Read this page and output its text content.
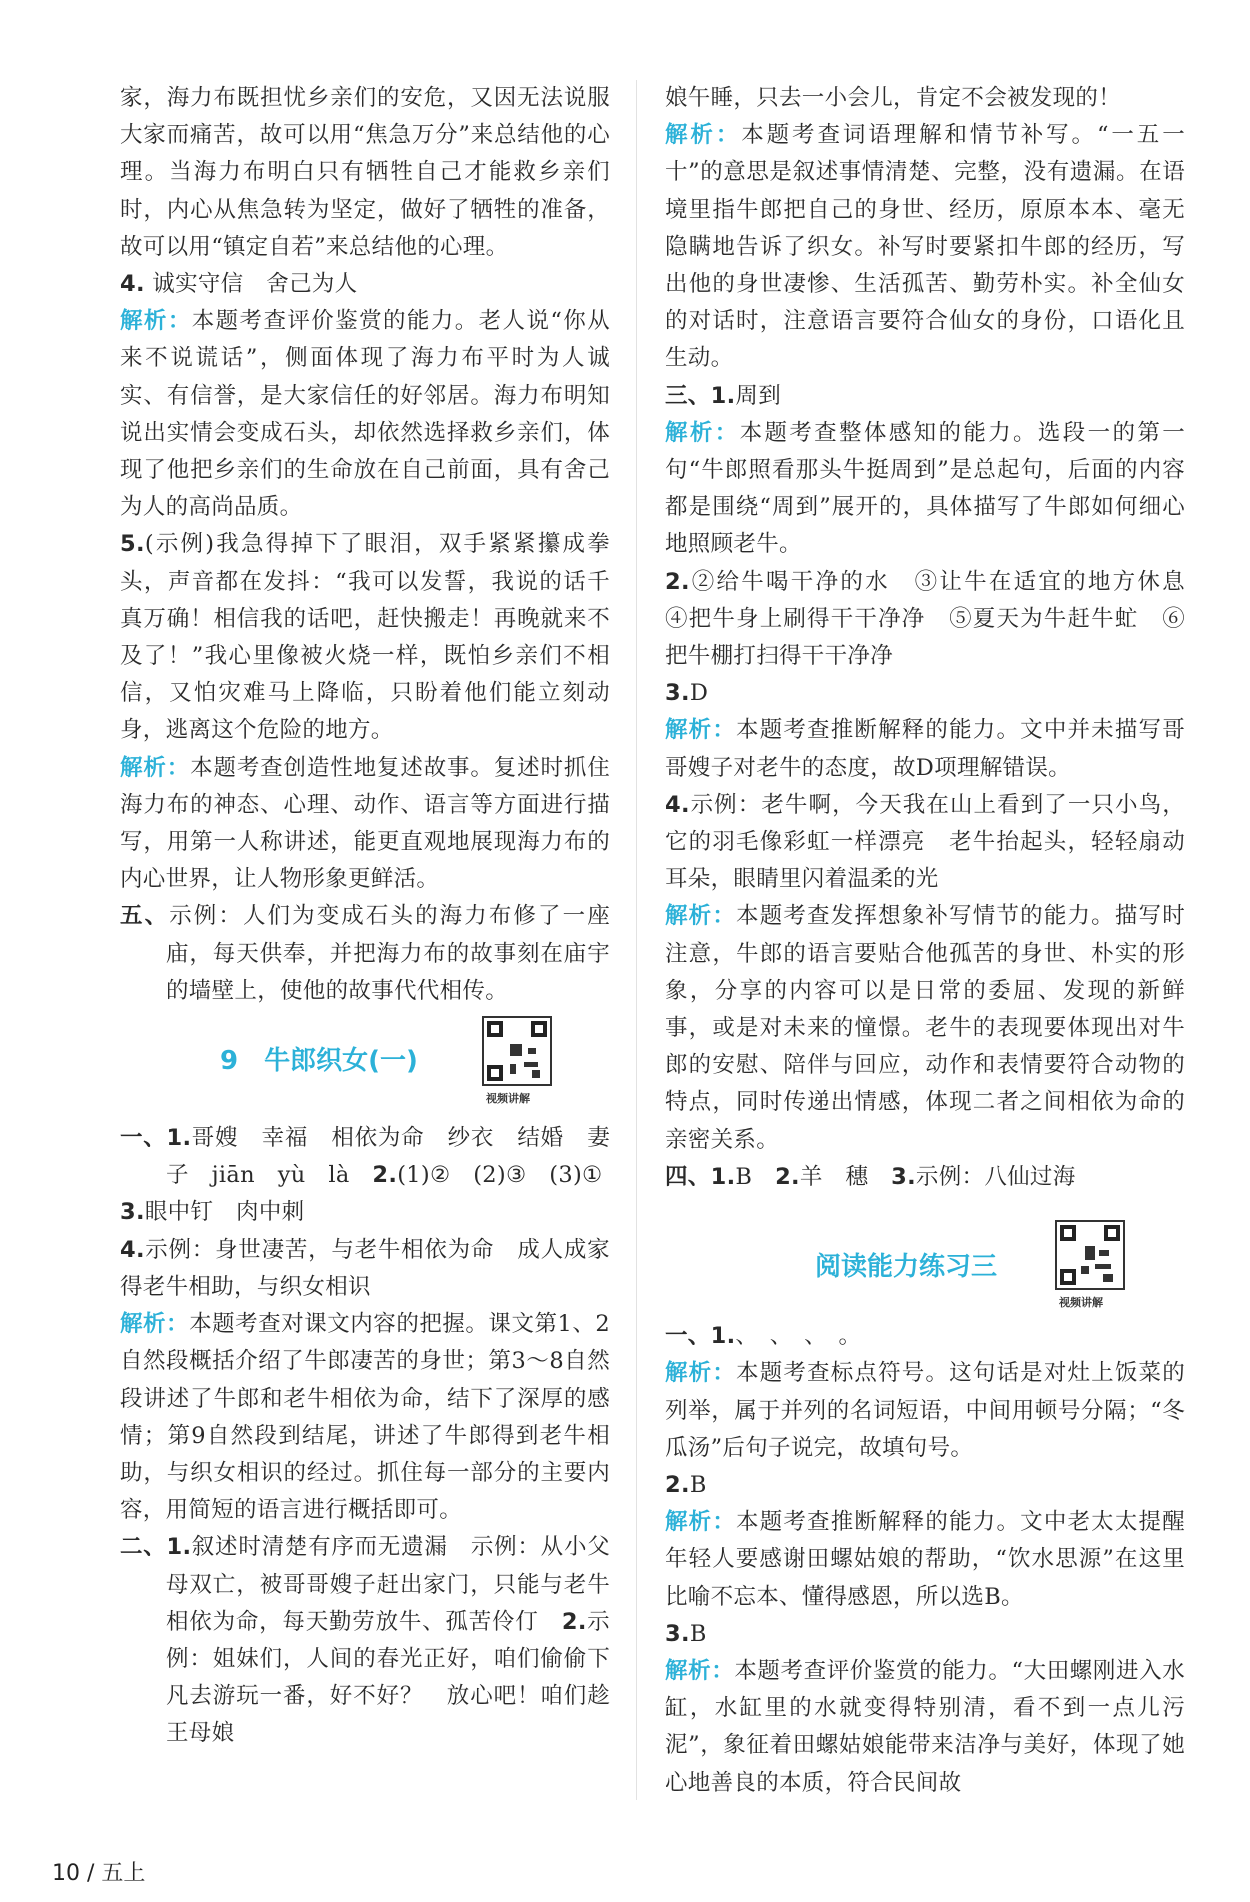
家，海力布既担忧乡亲们的安危，又因无法说服大家而痛苦，故可以用“焦急万分”来总结他的心理。当海力布明白只有牺牲自己才能救乡亲们时，内心从焦急转为坚定，做好了牺牲的准备，故可以用“镇定自若”来总结他的心理。

4. 诚实守信　舍己为人

解析：本题考查评价鉴赏的能力。老人说“你从来不说谎话”，侧面体现了海力布平时为人诚实、有信誉，是大家信任的好邻居。海力布明知说出实情会变成石头，却依然选择救乡亲们，体现了他把乡亲们的生命放在自己前面，具有舍己为人的高尚品质。

5.(示例)我急得掉下了眼泪，双手紧紧攥成拳头，声音都在发抖：“我可以发誓，我说的话千真万确！相信我的话吧，赶快搬走！再晚就来不及了！”我心里像被火烧一样，既怕乡亲们不相信，又怕灾难马上降临，只盼着他们能立刻动身，逃离这个危险的地方。

解析：本题考查创造性地复述故事。复述时抓住海力布的神态、心理、动作、语言等方面进行描写，用第一人称讲述，能更直观地展现海力布的内心世界，让人物形象更鲜活。

五、示例：人们为变成石头的海力布修了一座庙，每天供奉，并把海力布的故事刻在庙宇的墙壁上，使他的故事代代相传。

9 牛郎织女(一)
视频讲解

一、1.哥嫂　幸福　相依为命　纱衣　结婚　妻子　 jiān　 yù　 là　 2.(1)②　(2)③　(3)①

3.眼中钉　肉中刺

4.示例：身世凄苦，与老牛相依为命　成人成家　得老牛相助，与织女相识

解析：本题考查对课文内容的把握。课文第1、2自然段概括介绍了牛郎凄苦的身世；第3～8自然段讲述了牛郎和老牛相依为命，结下了深厚的感情；第9自然段到结尾，讲述了牛郎得到老牛相助，与织女相识的经过。抓住每一部分的主要内容，用简短的语言进行概括即可。

二、1.叙述时清楚有序而无遗漏　示例：从小父母双亡，被哥哥嫂子赶出家门，只能与老牛相依为命，每天勤劳放牛、孤苦伶仃　 2.示例：姐妹们，人间的春光正好，咱们偷偷下凡去游玩一番，好不好？　放心吧！咱们趁王母娘

娘午睡，只去一小会儿，肯定不会被发现的！

解析：本题考查词语理解和情节补写。“一五一十”的意思是叙述事情清楚、完整，没有遗漏。在语境里指牛郎把自己的身世、经历，原原本本、毫无隐瞒地告诉了织女。补写时要紧扣牛郎的经历，写出他的身世凄惨、生活孤苦、勤劳朴实。补全仙女的对话时，注意语言要符合仙女的身份，口语化且生动。

三、1.周到

解析：本题考查整体感知的能力。选段一的第一句“牛郎照看那头牛挺周到”是总起句，后面的内容都是围绕“周到”展开的，具体描写了牛郎如何细心地照顾老牛。

2.②给牛喝干净的水　③让牛在适宜的地方休息　④把牛身上刷得干干净净　⑤夏天为牛赶牛虻　⑥把牛棚打扫得干干净净

3.D

解析：本题考查推断解释的能力。文中并未描写哥哥嫂子对老牛的态度，故D项理解错误。

4.示例：老牛啊，今天我在山上看到了一只小鸟，它的羽毛像彩虹一样漂亮　老牛抬起头，轻轻扇动耳朵，眼睛里闪着温柔的光

解析：本题考查发挥想象补写情节的能力。描写时注意，牛郎的语言要贴合他孤苦的身世、朴实的形象，分享的内容可以是日常的委屈、发现的新鲜事，或是对未来的憧憬。老牛的表现要体现出对牛郎的安慰、陪伴与回应，动作和表情要符合动物的特点，同时传递出情感，体现二者之间相依为命的亲密关系。

四、1.B　 2.羊　穗　 3.示例：八仙过海

阅读能力练习三
视频讲解

一、1.、　、　、　。

解析：本题考查标点符号。这句话是对灶上饭菜的列举，属于并列的名词短语，中间用顿号分隔；“冬瓜汤”后句子说完，故填句号。

2.B

解析：本题考查推断解释的能力。文中老太太提醒年轻人要感谢田螺姑娘的帮助，“饮水思源”在这里比喻不忘本、懂得感恩，所以选B。

3.B

解析：本题考查评价鉴赏的能力。“大田螺刚进入水缸，水缸里的水就变得特别清，看不到一点儿污泥”，象征着田螺姑娘能带来洁净与美好，体现了她心地善良的本质，符合民间故

10 / 五上
